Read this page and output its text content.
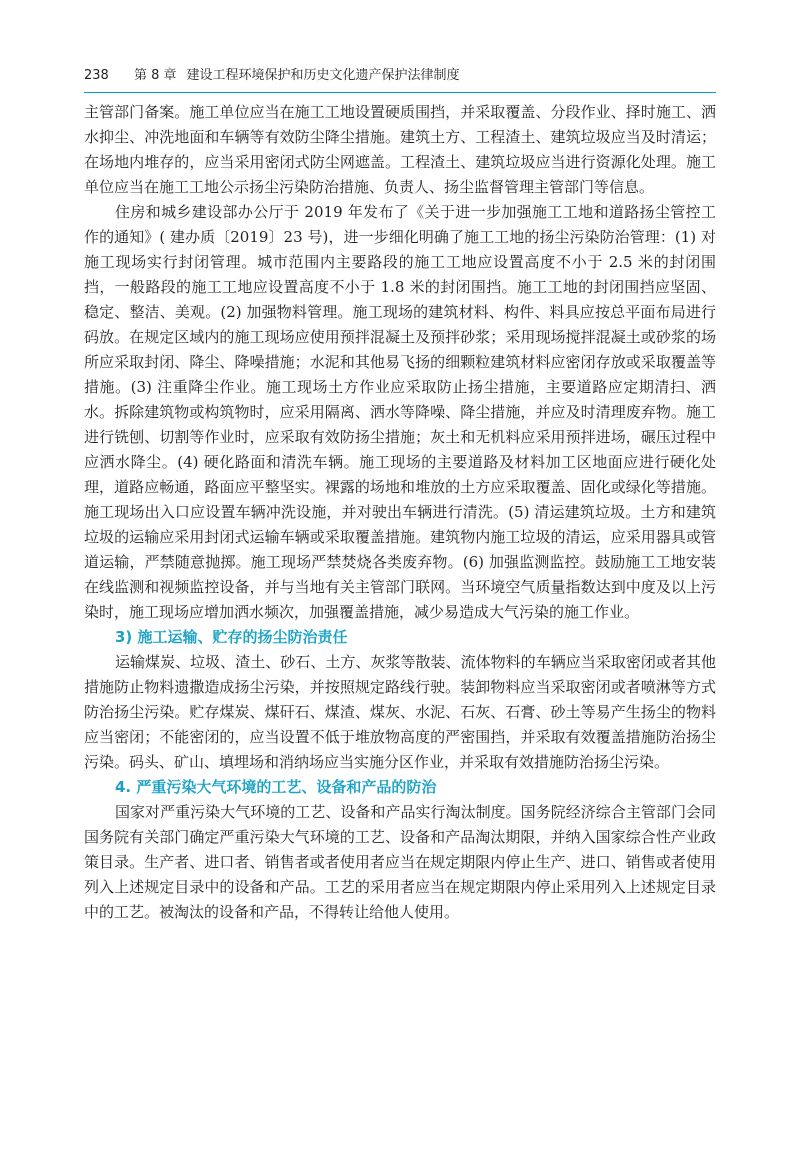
238 第 8 章 建设工程环境保护和历史文化遗产保护法律制度

主管部门备案。施工单位应当在施工工地设置硬质围挡，并采取覆盖、分段作业、择时施工、洒水抑尘、冲洗地面和车辆等有效防尘降尘措施。建筑土方、工程渣土、建筑垃圾应当及时清运；在场地内堆存的，应当采用密闭式防尘网遮盖。工程渣土、建筑垃圾应当进行资源化处理。施工单位应当在施工工地公示扬尘污染防治措施、负责人、扬尘监督管理主管部门等信息。

住房和城乡建设部办公厅于 2019 年发布了《关于进一步加强施工工地和道路扬尘管控工作的通知》( 建办质〔2019〕23 号)，进一步细化明确了施工工地的扬尘污染防治管理：(1) 对施工现场实行封闭管理。城市范围内主要路段的施工工地应设置高度不小于 2.5 米的封闭围挡，一般路段的施工工地应设置高度不小于 1.8 米的封闭围挡。施工工地的封闭围挡应坚固、稳定、整洁、美观。(2) 加强物料管理。施工现场的建筑材料、构件、料具应按总平面布局进行码放。在规定区域内的施工现场应使用预拌混凝土及预拌砂浆；采用现场搅拌混凝土或砂浆的场所应采取封闭、降尘、降噪措施；水泥和其他易飞扬的细颗粒建筑材料应密闭存放或采取覆盖等措施。(3) 注重降尘作业。施工现场土方作业应采取防止扬尘措施，主要道路应定期清扫、洒水。拆除建筑物或构筑物时，应采用隔离、洒水等降噪、降尘措施，并应及时清理废弃物。施工进行铣刨、切割等作业时，应采取有效防扬尘措施；灰土和无机料应采用预拌进场，碾压过程中应洒水降尘。(4) 硬化路面和清洗车辆。施工现场的主要道路及材料加工区地面应进行硬化处理，道路应畅通，路面应平整坚实。裸露的场地和堆放的土方应采取覆盖、固化或绿化等措施。施工现场出入口应设置车辆冲洗设施，并对驶出车辆进行清洗。(5) 清运建筑垃圾。土方和建筑垃圾的运输应采用封闭式运输车辆或采取覆盖措施。建筑物内施工垃圾的清运，应采用器具或管道运输，严禁随意抛掷。施工现场严禁焚烧各类废弃物。(6) 加强监测监控。鼓励施工工地安装在线监测和视频监控设备，并与当地有关主管部门联网。当环境空气质量指数达到中度及以上污染时，施工现场应增加洒水频次，加强覆盖措施，减少易造成大气污染的施工作业。

3) 施工运输、贮存的扬尘防治责任

运输煤炭、垃圾、渣土、砂石、土方、灰浆等散装、流体物料的车辆应当采取密闭或者其他措施防止物料遗撒造成扬尘污染，并按照规定路线行驶。装卸物料应当采取密闭或者喷淋等方式防治扬尘污染。贮存煤炭、煤矸石、煤渣、煤灰、水泥、石灰、石膏、砂土等易产生扬尘的物料应当密闭；不能密闭的，应当设置不低于堆放物高度的严密围挡，并采取有效覆盖措施防治扬尘污染。码头、矿山、填埋场和消纳场应当实施分区作业，并采取有效措施防治扬尘污染。

4. 严重污染大气环境的工艺、设备和产品的防治

国家对严重污染大气环境的工艺、设备和产品实行淘汰制度。国务院经济综合主管部门会同国务院有关部门确定严重污染大气环境的工艺、设备和产品淘汰期限，并纳入国家综合性产业政策目录。生产者、进口者、销售者或者使用者应当在规定期限内停止生产、进口、销售或者使用列入上述规定目录中的设备和产品。工艺的采用者应当在规定期限内停止采用列入上述规定目录中的工艺。被淘汰的设备和产品，不得转让给他人使用。
